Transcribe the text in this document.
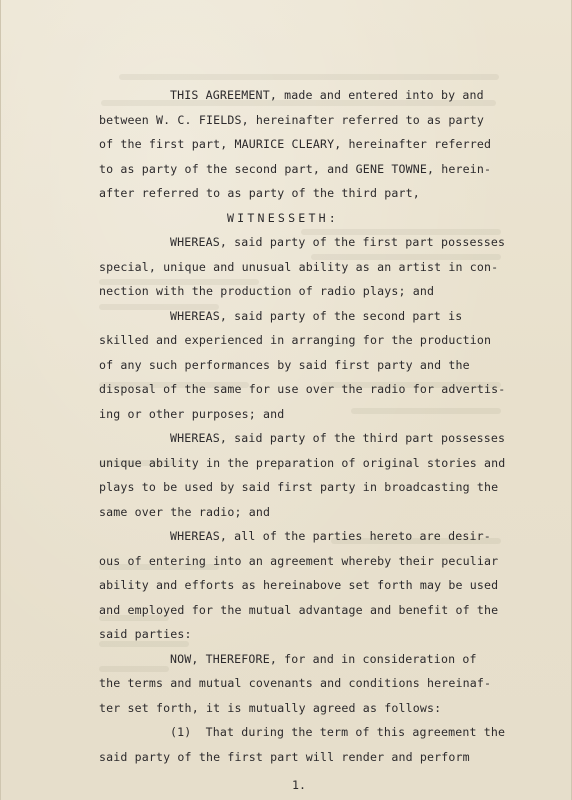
THIS AGREEMENT, made and entered into by and
between W. C. FIELDS, hereinafter referred to as party
of the first part, MAURICE CLEARY, hereinafter referred
to as party of the second part, and GENE TOWNE, herein-
after referred to as party of the third part,
WITNESSETH:
WHEREAS, said party of the first part possesses
special, unique and unusual ability as an artist in con-
nection with the production of radio plays; and
WHEREAS, said party of the second part is
skilled and experienced in arranging for the production
of any such performances by said first party and the
disposal of the same for use over the radio for advertis-
ing or other purposes; and
WHEREAS, said party of the third part possesses
unique ability in the preparation of original stories and
plays to be used by said first party in broadcasting the
same over the radio; and
WHEREAS, all of the parties hereto are desir-
ous of entering into an agreement whereby their peculiar
ability and efforts as hereinabove set forth may be used
and employed for the mutual advantage and benefit of the
said parties:
NOW, THEREFORE, for and in consideration of
the terms and mutual covenants and conditions hereinaf-
ter set forth, it is mutually agreed as follows:
(1)  That during the term of this agreement the
said party of the first part will render and perform
1.
